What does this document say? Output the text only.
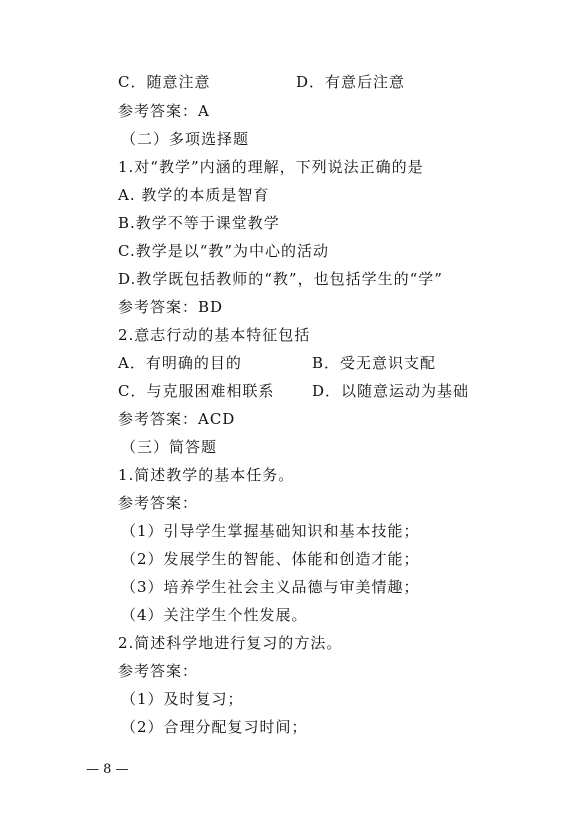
C．随意注意	D．有意后注意
参考答案：A
（二）多项选择题
1.对“教学”内涵的理解，下列说法正确的是
A. 教学的本质是智育
B.教学不等于课堂教学
C.教学是以“教”为中心的活动
D.教学既包括教师的“教”，也包括学生的“学”
参考答案：BD
2.意志行动的基本特征包括
A．有明确的目的	B．受无意识支配
C．与克服困难相联系	D．以随意运动为基础
参考答案：ACD
（三）简答题
1.简述教学的基本任务。
参考答案：
（1）引导学生掌握基础知识和基本技能；
（2）发展学生的智能、体能和创造才能；
（3）培养学生社会主义品德与审美情趣；
（4）关注学生个性发展。
2.简述科学地进行复习的方法。
参考答案：
（1）及时复习；
（2）合理分配复习时间；
— 8 —
